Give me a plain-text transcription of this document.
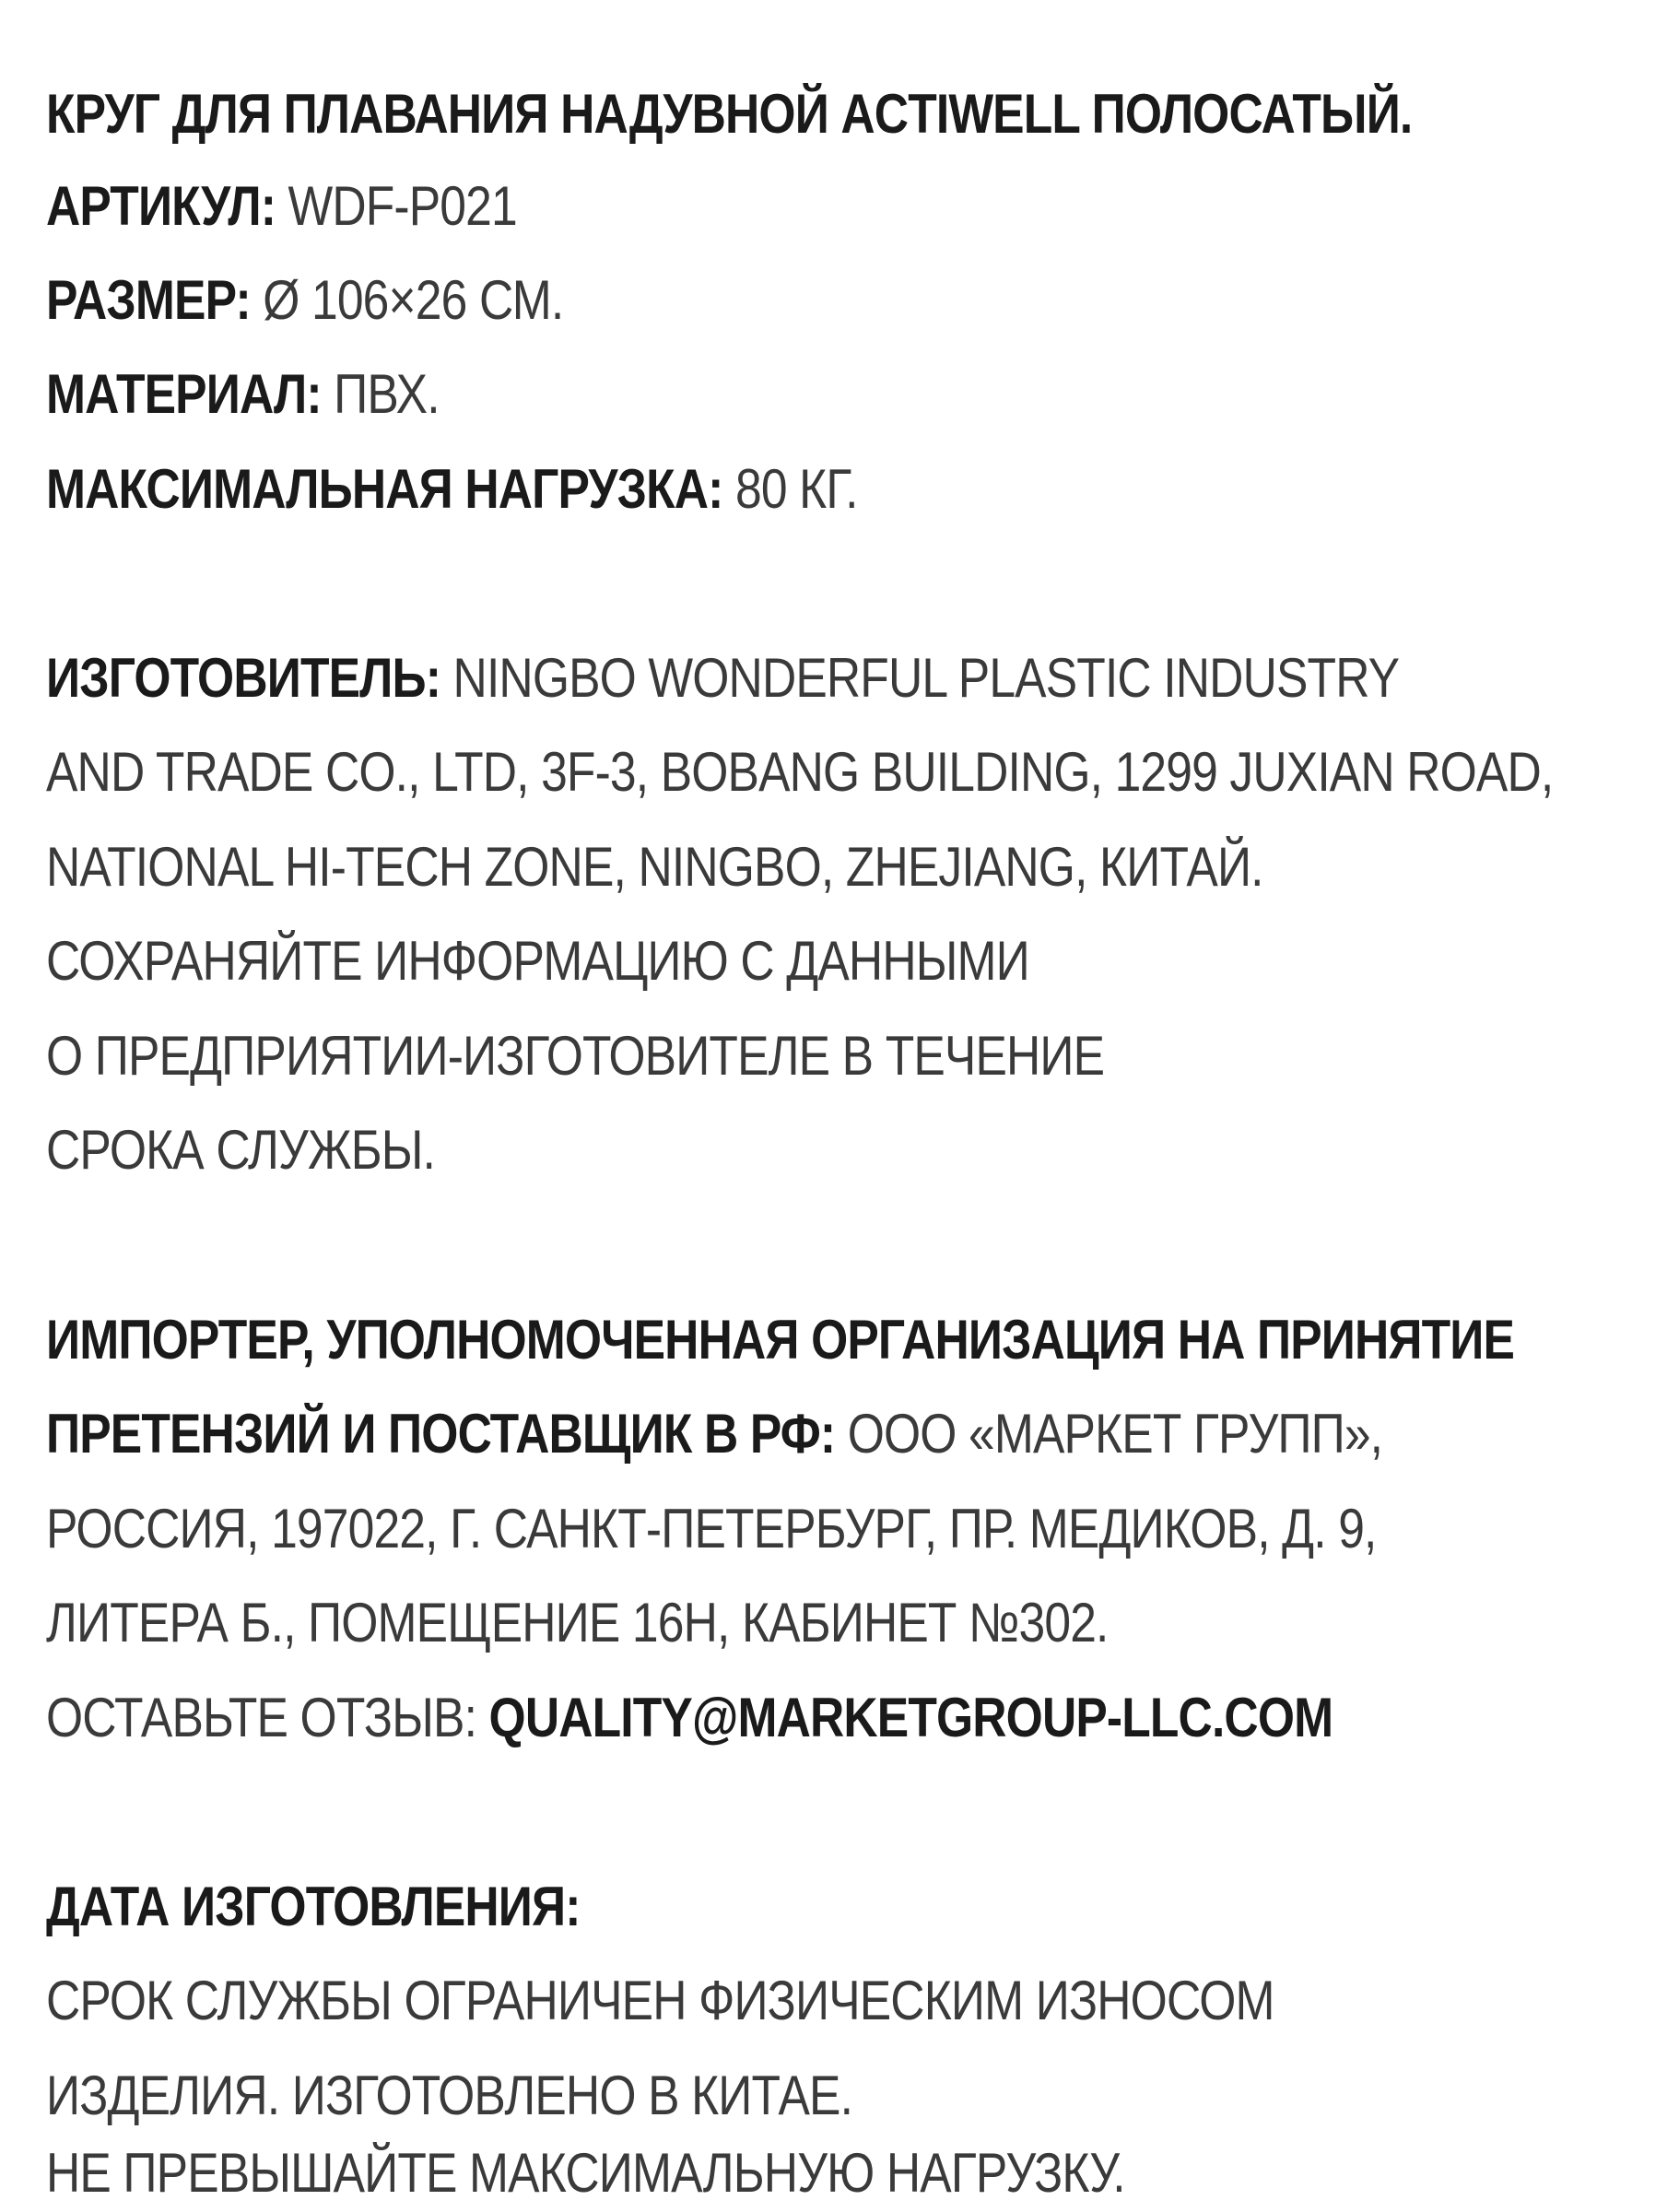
КРУГ ДЛЯ ПЛАВАНИЯ НАДУВНОЙ ACTIWELL ПОЛОСАТЫЙ.
АРТИКУЛ: WDF-P021
РАЗМЕР: Ø 106×26 СМ.
МАТЕРИАЛ: ПВХ.
МАКСИМАЛЬНАЯ НАГРУЗКА: 80 КГ.
ИЗГОТОВИТЕЛЬ: NINGBO WONDERFUL PLASTIC INDUSTRY
AND TRADE CO., LTD, 3F-3, BOBANG BUILDING, 1299 JUXIAN ROAD,
NATIONAL HI-TECH ZONE, NINGBO, ZHEJIANG, КИТАЙ.
СОХРАНЯЙТЕ ИНФОРМАЦИЮ С ДАННЫМИ
О ПРЕДПРИЯТИИ-ИЗГОТОВИТЕЛЕ В ТЕЧЕНИЕ
СРОКА СЛУЖБЫ.
ИМПОРТЕР, УПОЛНОМОЧЕННАЯ ОРГАНИЗАЦИЯ НА ПРИНЯТИЕ
ПРЕТЕНЗИЙ И ПОСТАВЩИК В РФ: ООО «МАРКЕТ ГРУПП»,
РОССИЯ, 197022, Г. САНКТ-ПЕТЕРБУРГ, ПР. МЕДИКОВ, Д. 9,
ЛИТЕРА Б., ПОМЕЩЕНИЕ 16Н, КАБИНЕТ №302.
ОСТАВЬТЕ ОТЗЫВ: QUALITY@MARKETGROUP-LLC.COM
ДАТА ИЗГОТОВЛЕНИЯ:
СРОК СЛУЖБЫ ОГРАНИЧЕН ФИЗИЧЕСКИМ ИЗНОСОМ
ИЗДЕЛИЯ. ИЗГОТОВЛЕНО В КИТАЕ.
НЕ ПРЕВЫШАЙТЕ МАКСИМАЛЬНУЮ НАГРУЗКУ.
